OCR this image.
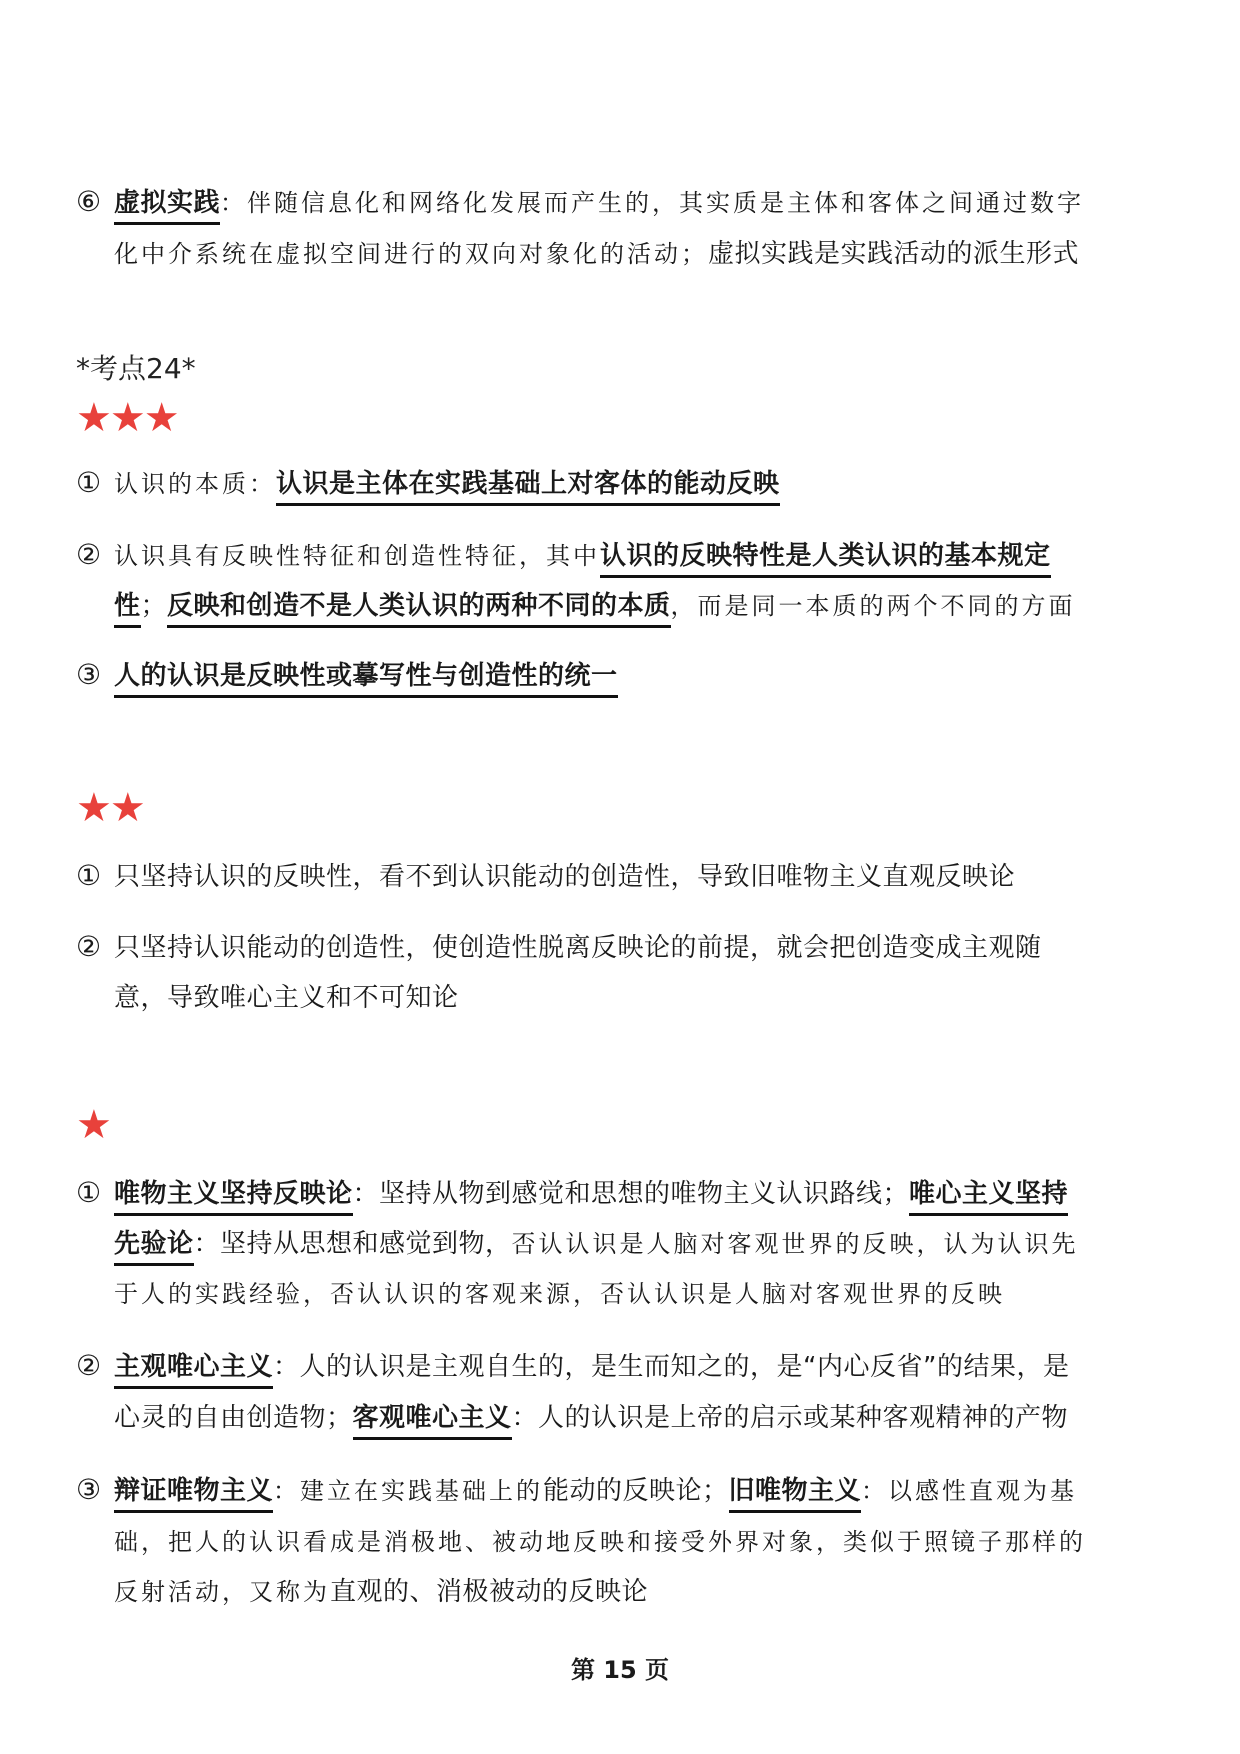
⑥ 虚拟实践：伴随信息化和网络化发展而产生的，其实质是主体和客体之间通过数字
化中介系统在虚拟空间进行的双向对象化的活动；虚拟实践是实践活动的派生形式
*考点24*
★★★
① 认识的本质：认识是主体在实践基础上对客体的能动反映
② 认识具有反映性特征和创造性特征，其中认识的反映特性是人类认识的基本规定
性；反映和创造不是人类认识的两种不同的本质，而是同一本质的两个不同的方面
③ 人的认识是反映性或摹写性与创造性的统一
★★
① 只坚持认识的反映性，看不到认识能动的创造性，导致旧唯物主义直观反映论
② 只坚持认识能动的创造性，使创造性脱离反映论的前提，就会把创造变成主观随
意，导致唯心主义和不可知论
★
① 唯物主义坚持反映论：坚持从物到感觉和思想的唯物主义认识路线；唯心主义坚持
先验论：坚持从思想和感觉到物，否认认识是人脑对客观世界的反映，认为认识先
于人的实践经验，否认认识的客观来源，否认认识是人脑对客观世界的反映
② 主观唯心主义：人的认识是主观自生的，是生而知之的，是“内心反省”的结果，是
心灵的自由创造物；客观唯心主义：人的认识是上帝的启示或某种客观精神的产物
③ 辩证唯物主义：建立在实践基础上的能动的反映论；旧唯物主义：以感性直观为基
础，把人的认识看成是消极地、被动地反映和接受外界对象，类似于照镜子那样的
反射活动，又称为直观的、消极被动的反映论
第 15 页
